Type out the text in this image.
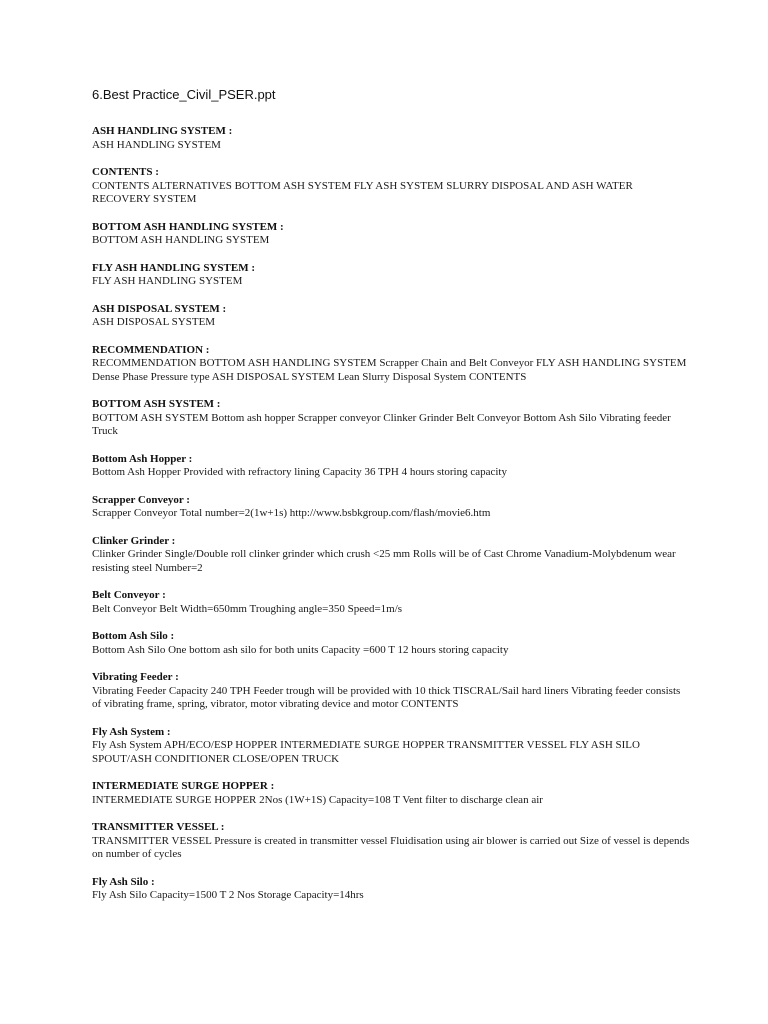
6.Best Practice_Civil_PSER.ppt
ASH HANDLING SYSTEM :
ASH HANDLING SYSTEM
CONTENTS :
CONTENTS ALTERNATIVES BOTTOM ASH SYSTEM FLY ASH SYSTEM SLURRY DISPOSAL AND ASH WATER RECOVERY SYSTEM
BOTTOM ASH HANDLING SYSTEM :
BOTTOM ASH HANDLING SYSTEM
FLY ASH HANDLING SYSTEM :
FLY ASH HANDLING SYSTEM
ASH DISPOSAL SYSTEM :
ASH DISPOSAL SYSTEM
RECOMMENDATION :
RECOMMENDATION BOTTOM ASH HANDLING SYSTEM Scrapper Chain and Belt Conveyor FLY ASH HANDLING SYSTEM Dense Phase Pressure type ASH DISPOSAL SYSTEM Lean Slurry Disposal System CONTENTS
BOTTOM ASH SYSTEM :
BOTTOM ASH SYSTEM Bottom ash hopper Scrapper conveyor Clinker Grinder Belt Conveyor Bottom Ash Silo Vibrating feeder Truck
Bottom Ash Hopper :
Bottom Ash Hopper Provided with refractory lining Capacity 36 TPH 4 hours storing capacity
Scrapper Conveyor :
Scrapper Conveyor Total number=2(1w+1s) http://www.bsbkgroup.com/flash/movie6.htm
Clinker Grinder :
Clinker Grinder Single/Double roll clinker grinder which crush <25 mm Rolls will be of Cast Chrome Vanadium-Molybdenum wear resisting steel Number=2
Belt Conveyor :
Belt Conveyor Belt Width=650mm Troughing angle=350 Speed=1m/s
Bottom Ash Silo :
Bottom Ash Silo One bottom ash silo for both units Capacity =600 T 12 hours storing capacity
Vibrating Feeder :
Vibrating Feeder Capacity 240 TPH Feeder trough will be provided with 10 thick TISCRAL/Sail hard liners Vibrating feeder consists of vibrating frame, spring, vibrator, motor vibrating device and motor CONTENTS
Fly Ash System :
Fly Ash System APH/ECO/ESP HOPPER INTERMEDIATE SURGE HOPPER TRANSMITTER VESSEL FLY ASH SILO SPOUT/ASH CONDITIONER CLOSE/OPEN TRUCK
INTERMEDIATE SURGE HOPPER :
INTERMEDIATE SURGE HOPPER 2Nos (1W+1S) Capacity=108 T Vent filter to discharge clean air
TRANSMITTER VESSEL :
TRANSMITTER VESSEL Pressure is created in transmitter vessel Fluidisation using air blower is carried out Size of vessel is depends on number of cycles
Fly Ash Silo :
Fly Ash Silo Capacity=1500 T 2 Nos Storage Capacity=14hrs
